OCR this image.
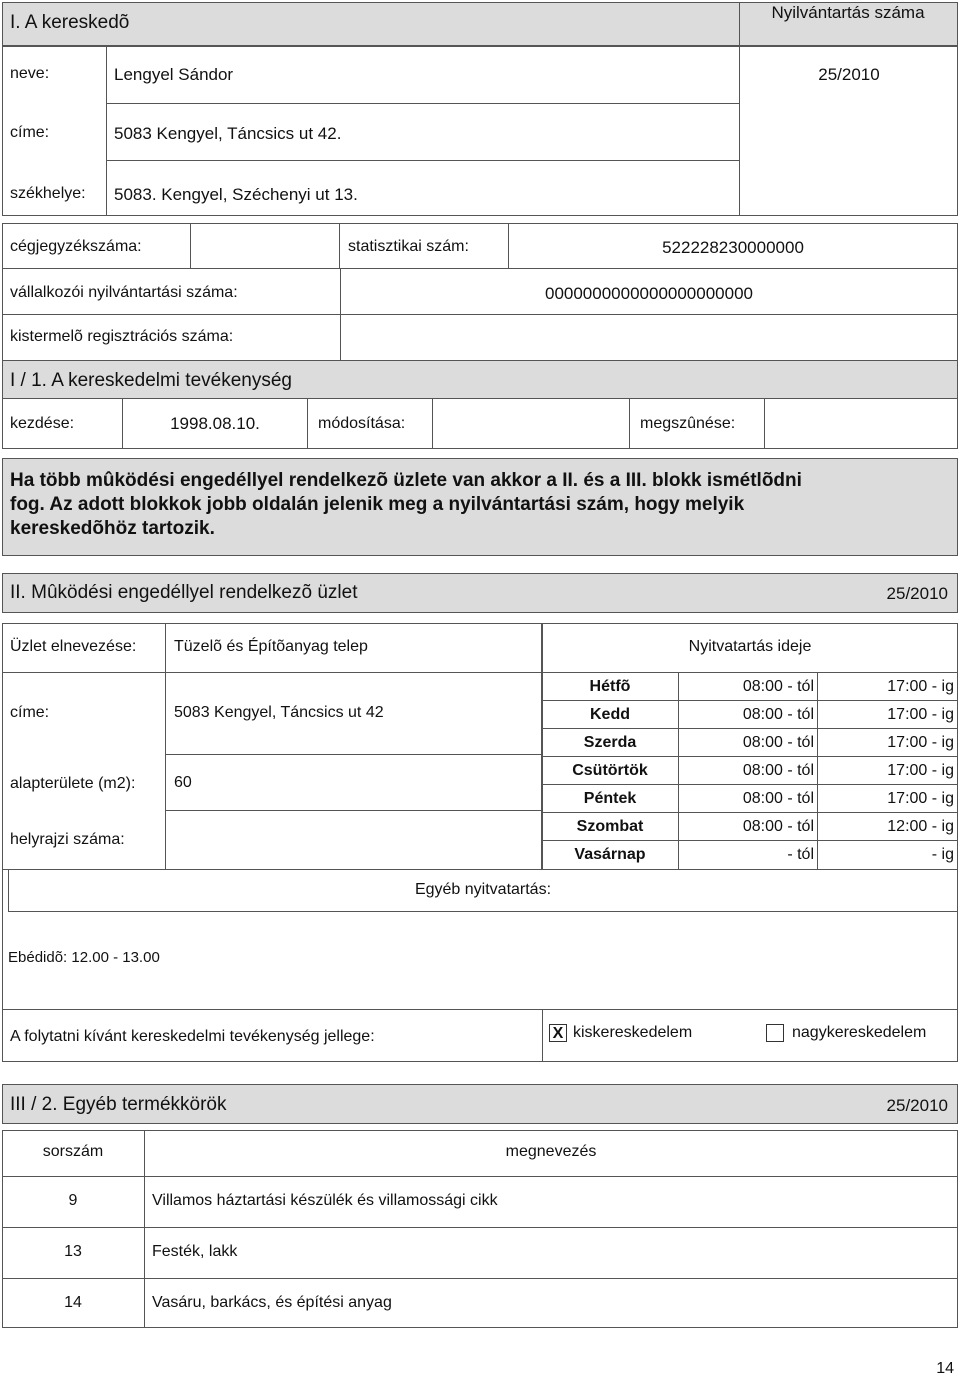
I. A kereskedõ	Nyilvántartás száma
neve:	Lengyel Sándor	25/2010
címe:	5083 Kengyel, Táncsics ut 42.
székhelye: 5083. Kengyel, Széchenyi ut 13.
cégjegyzékszáma:	statisztikai szám:	522228230000000
vállalkozói nyilvántartási száma:	0000000000000000000000
kistermelõ regisztrációs száma:
I / 1. A kereskedelmi tevékenység
kezdése:	1998.08.10.	módosítása:	megszûnése:
Ha több mûködési engedéllyel rendelkezõ üzlete van akkor a II. és a III. blokk ismétlõdni
fog. Az adott blokkok jobb oldalán jelenik meg a nyilvántartási szám, hogy melyik
kereskedõhöz tartozik.
II. Mûködési engedéllyel rendelkezõ üzlet	25/2010
Üzlet elnevezése: Tüzelõ és Építõanyag telep
címe:	5083 Kengyel, Táncsics ut 42
alapterülete (m2): 60
helyrajzi száma:
Nyitvatartás ideje
Hétfõ	08:00 - tól	17:00 - ig
Kedd	08:00 - tól	17:00 - ig
Szerda	08:00 - tól	17:00 - ig
Csütörtök	08:00 - tól	17:00 - ig
Péntek	08:00 - tól	17:00 - ig
Szombat	08:00 - tól	12:00 - ig
Vasárnap	- tól	- ig
Egyéb nyitvatartás:
Ebédidõ: 12.00 - 13.00
A folytatni kívánt kereskedelmi tevékenység jellege:	X kiskereskedelem	nagykereskedelem
III / 2. Egyéb termékkörök	25/2010
sorszám	megnevezés
9	Villamos háztartási készülék és villamossági cikk
13	Festék, lakk
14	Vasáru, barkács, és építési anyag
14
